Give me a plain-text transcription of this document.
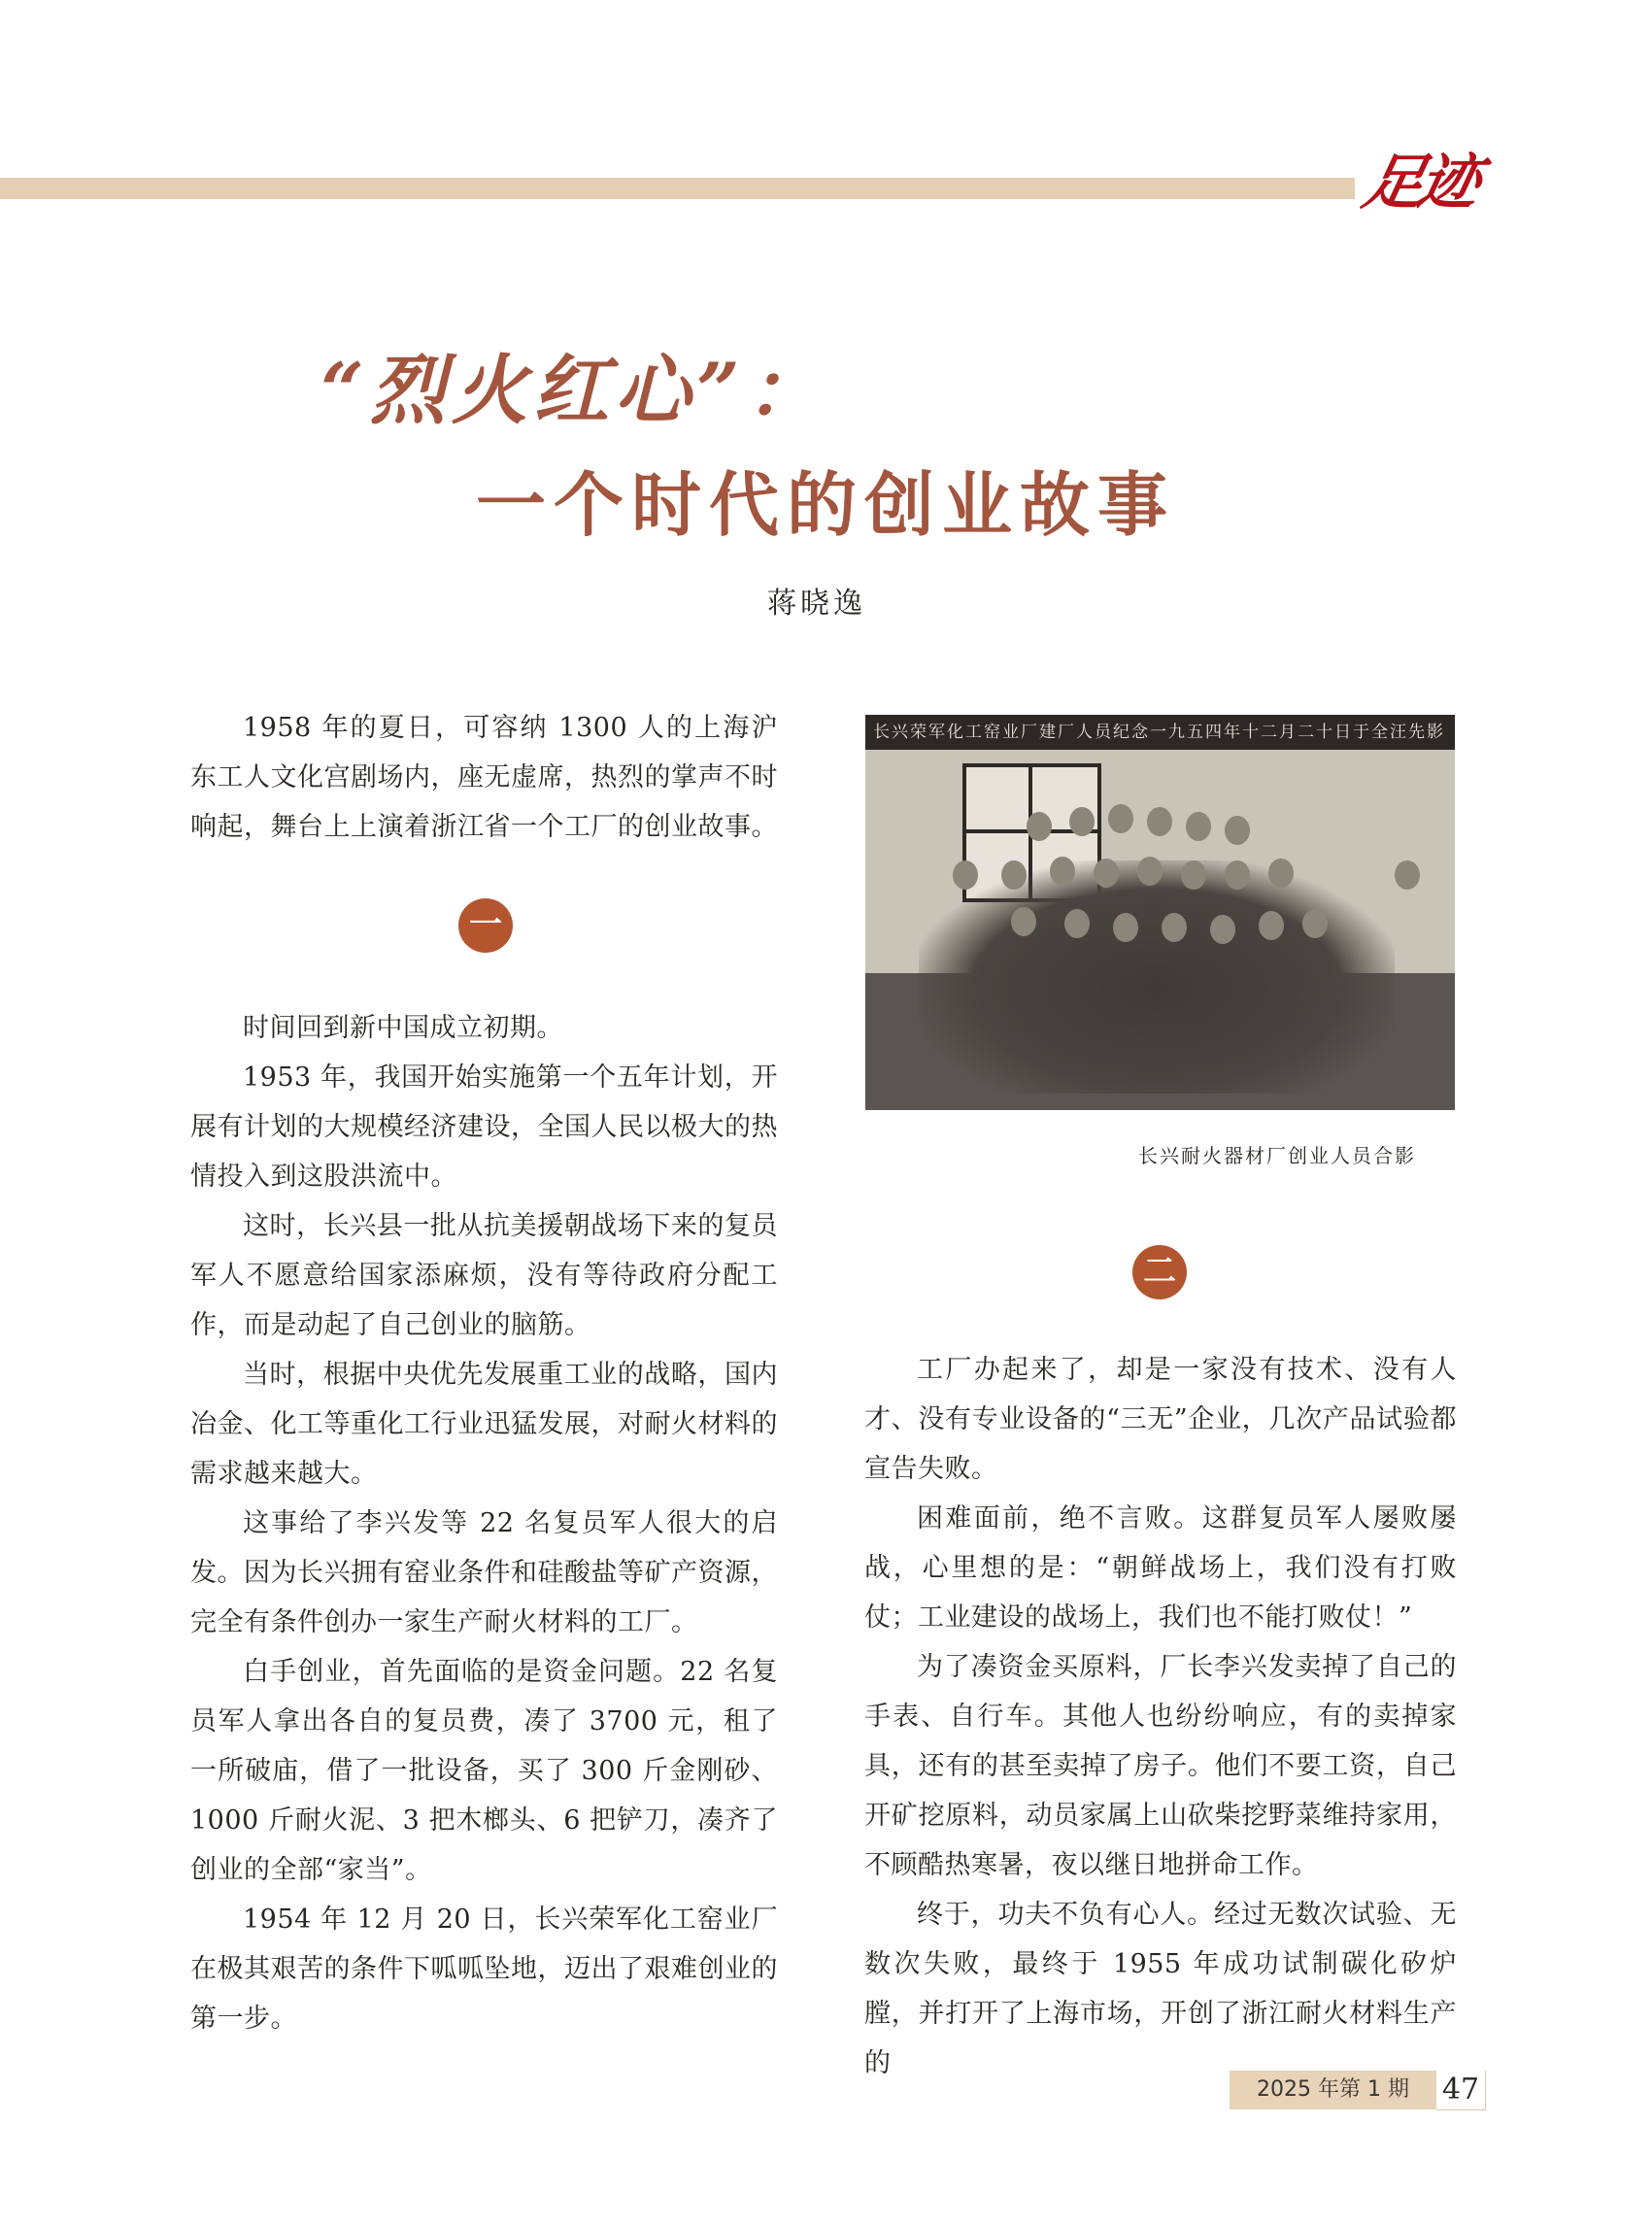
足迹
“烈火红心”：
一个时代的创业故事
蒋晓逸

1958 年的夏日，可容纳 1300 人的上海沪东工人文化宫剧场内，座无虚席，热烈的掌声不时响起，舞台上上演着浙江省一个工厂的创业故事。

一

时间回到新中国成立初期。

1953 年，我国开始实施第一个五年计划，开展有计划的大规模经济建设，全国人民以极大的热情投入到这股洪流中。

这时，长兴县一批从抗美援朝战场下来的复员军人不愿意给国家添麻烦，没有等待政府分配工作，而是动起了自己创业的脑筋。

当时，根据中央优先发展重工业的战略，国内冶金、化工等重化工行业迅猛发展，对耐火材料的需求越来越大。

这事给了李兴发等 22 名复员军人很大的启发。因为长兴拥有窑业条件和硅酸盐等矿产资源，完全有条件创办一家生产耐火材料的工厂。

白手创业，首先面临的是资金问题。22 名复员军人拿出各自的复员费，凑了 3700 元，租了一所破庙，借了一批设备，买了 300 斤金刚砂、1000 斤耐火泥、3 把木榔头、6 把铲刀，凑齐了创业的全部“家当”。

1954 年 12 月 20 日，长兴荣军化工窑业厂在极其艰苦的条件下呱呱坠地，迈出了艰难创业的第一步。

长兴荣军化工窑业厂建厂人员纪念一九五四年十二月二十日于全汪先影
长兴耐火器材厂创业人员合影
二

工厂办起来了，却是一家没有技术、没有人才、没有专业设备的“三无”企业，几次产品试验都宣告失败。

困难面前，绝不言败。这群复员军人屡败屡战，心里想的是：“朝鲜战场上，我们没有打败仗；工业建设的战场上，我们也不能打败仗！”

为了凑资金买原料，厂长李兴发卖掉了自己的手表、自行车。其他人也纷纷响应，有的卖掉家具，还有的甚至卖掉了房子。他们不要工资，自己开矿挖原料，动员家属上山砍柴挖野菜维持家用，不顾酷热寒暑，夜以继日地拼命工作。

终于，功夫不负有心人。经过无数次试验、无数次失败，最终于 1955 年成功试制碳化矽炉膛，并打开了上海市场，开创了浙江耐火材料生产的

2025 年第 1 期	47
